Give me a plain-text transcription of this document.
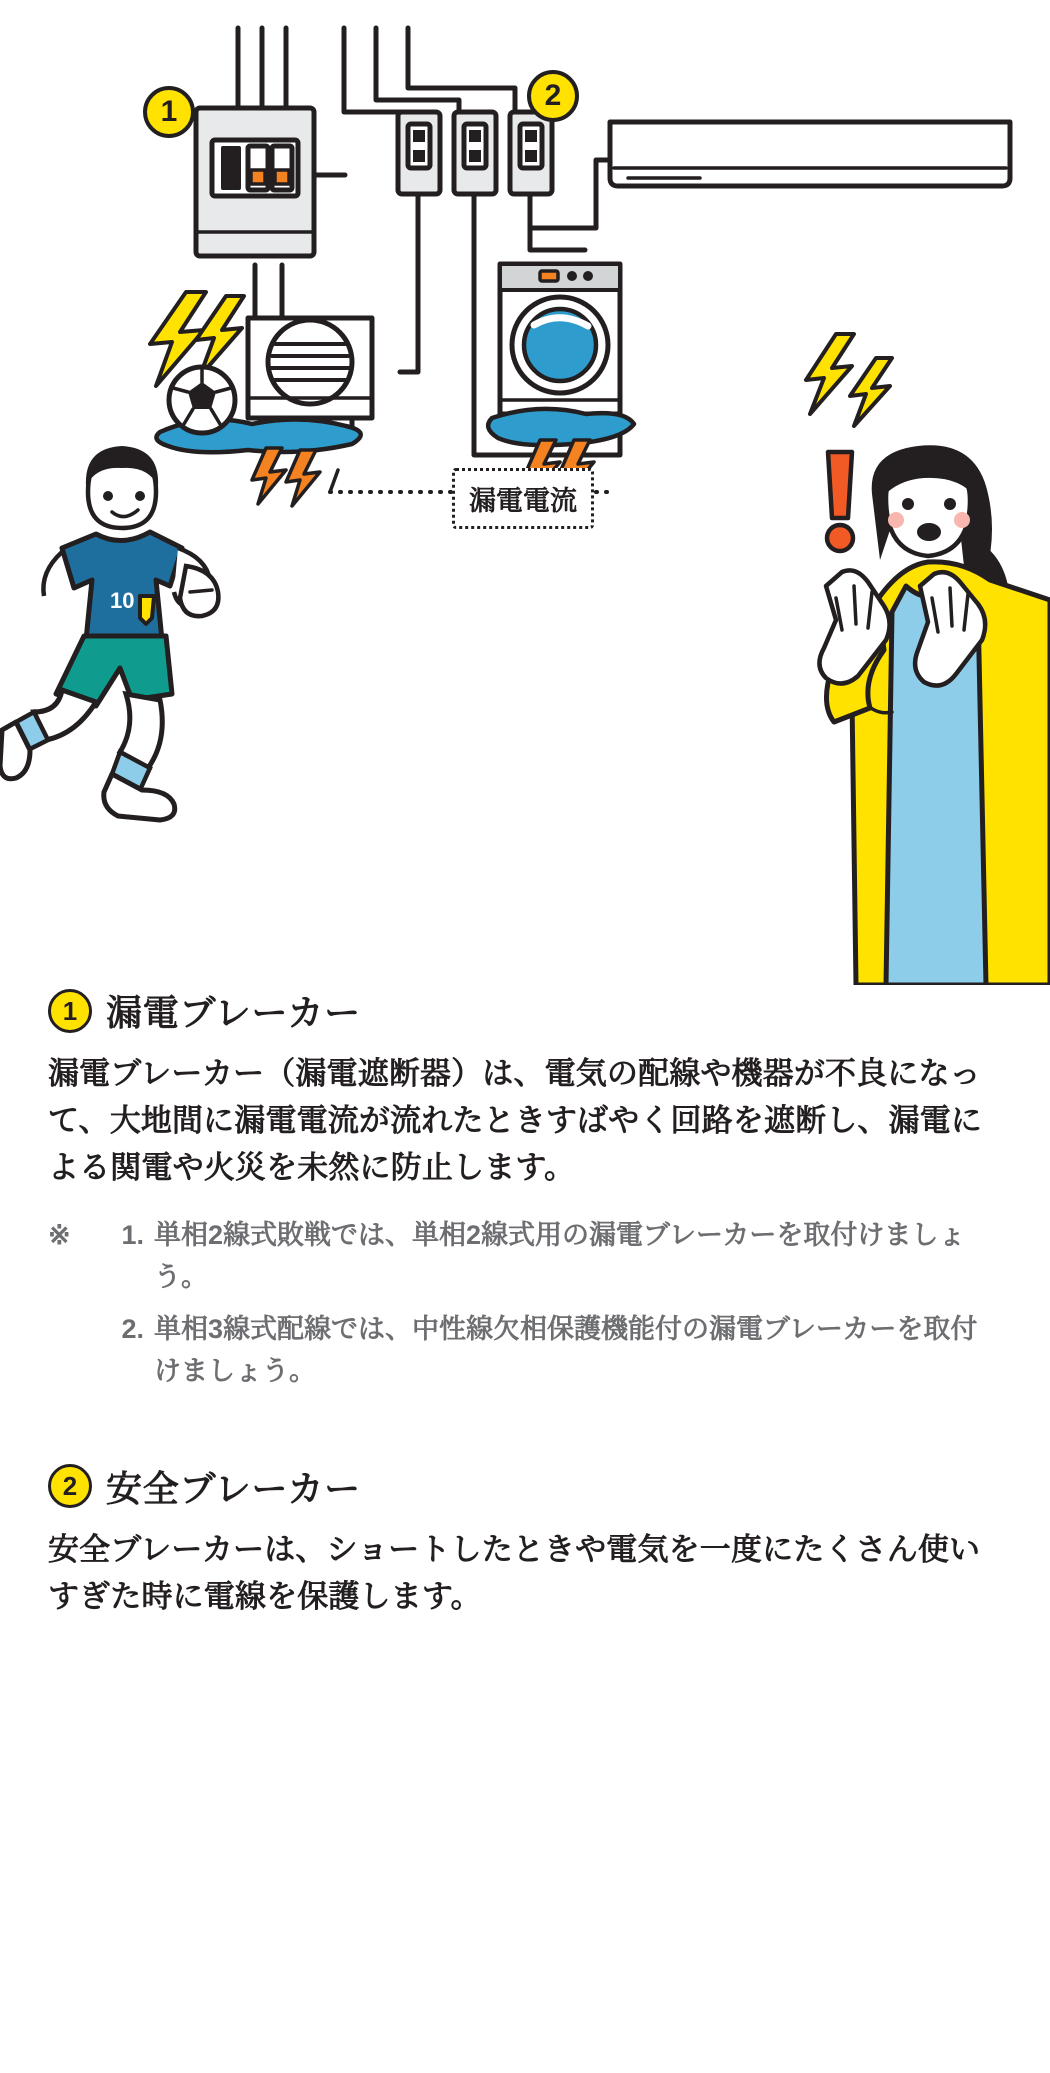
10
1	2
漏電電流
1 漏電ブレーカー
漏電ブレーカー（漏電遮断器）は、電気の配線や機器が不良になって、大地間に漏電電流が流れたときすばやく回路を遮断し、漏電による関電や火災を未然に防止します。
※	1. 単相2線式敗戦では、単相2線式用の漏電ブレーカーを取付けましょう。
2. 単相3線式配線では、中性線欠相保護機能付の漏電ブレーカーを取付けましょう。
2 安全ブレーカー
安全ブレーカーは、ショートしたときや電気を一度にたくさん使いすぎた時に電線を保護します。
